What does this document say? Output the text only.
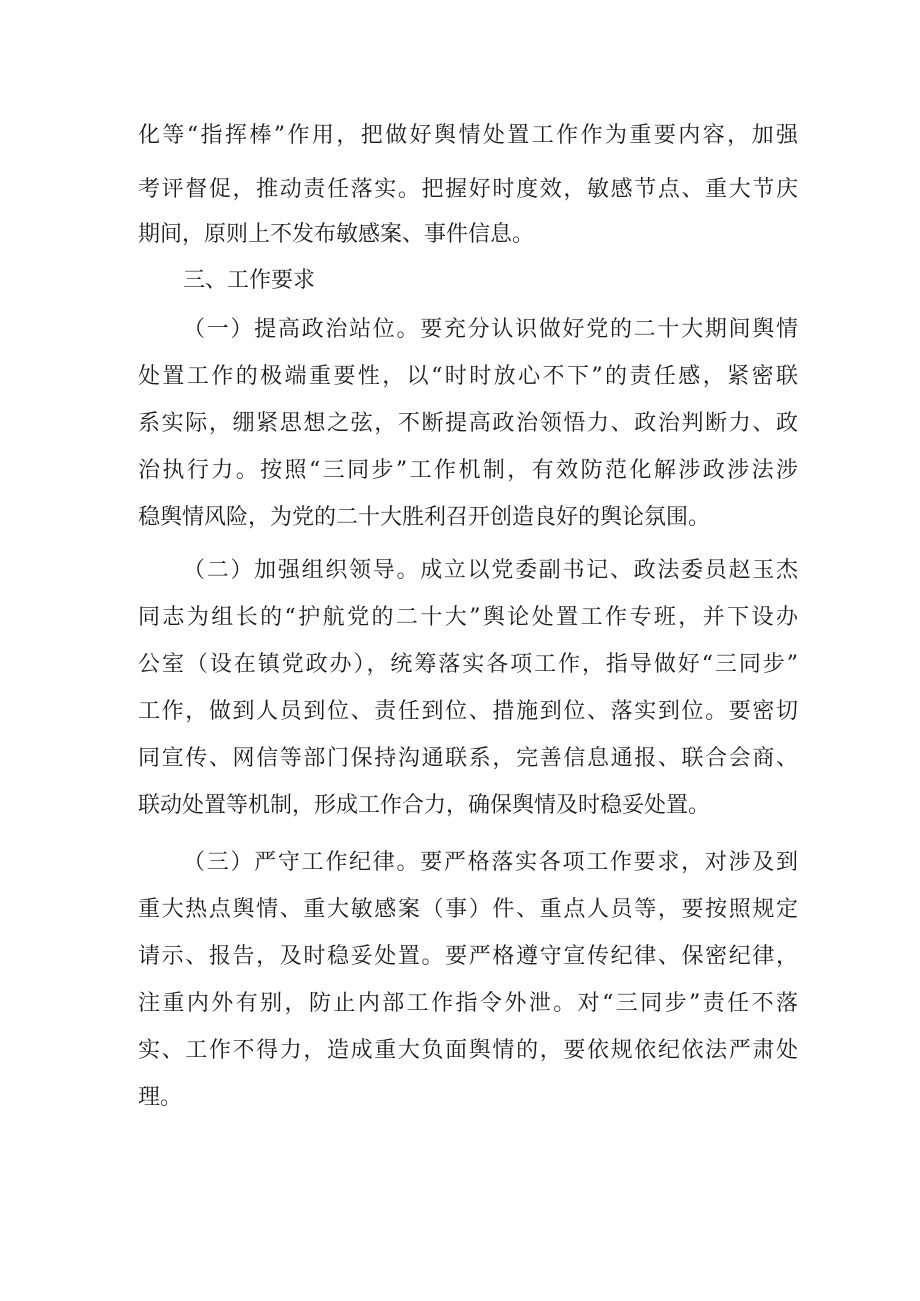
化等“指挥棒”作用，把做好舆情处置工作作为重要内容，加强
考评督促，推动责任落实。把握好时度效，敏感节点、重大节庆
期间，原则上不发布敏感案、事件信息。
三、工作要求
（一）提高政治站位。要充分认识做好党的二十大期间舆情
处置工作的极端重要性，以“时时放心不下”的责任感，紧密联
系实际，绷紧思想之弦，不断提高政治领悟力、政治判断力、政
治执行力。按照“三同步”工作机制，有效防范化解涉政涉法涉
稳舆情风险，为党的二十大胜利召开创造良好的舆论氛围。
（二）加强组织领导。成立以党委副书记、政法委员赵玉杰
同志为组长的“护航党的二十大”舆论处置工作专班，并下设办
公室（设在镇党政办），统筹落实各项工作，指导做好“三同步”
工作，做到人员到位、责任到位、措施到位、落实到位。要密切
同宣传、网信等部门保持沟通联系，完善信息通报、联合会商、
联动处置等机制，形成工作合力，确保舆情及时稳妥处置。
（三）严守工作纪律。要严格落实各项工作要求，对涉及到
重大热点舆情、重大敏感案（事）件、重点人员等，要按照规定
请示、报告，及时稳妥处置。要严格遵守宣传纪律、保密纪律，
注重内外有别，防止内部工作指令外泄。对“三同步”责任不落
实、工作不得力，造成重大负面舆情的，要依规依纪依法严肃处
理。
